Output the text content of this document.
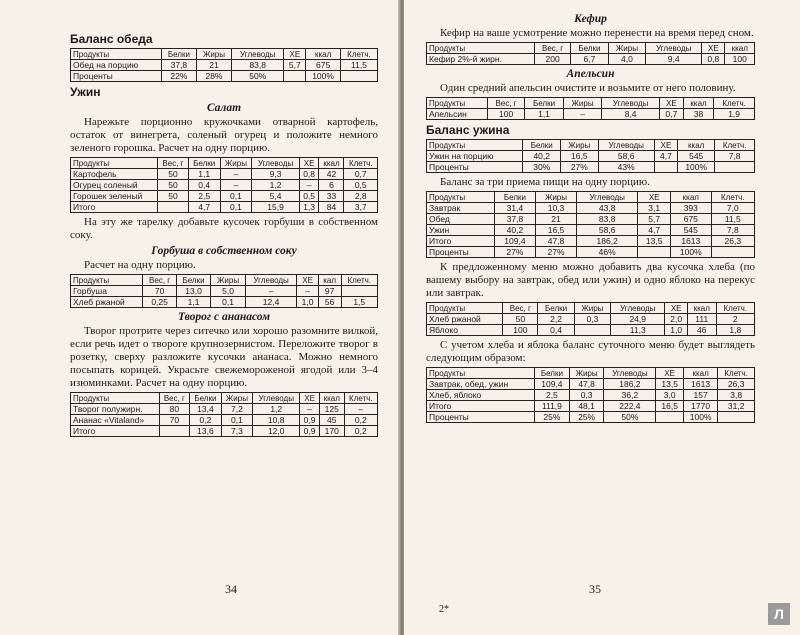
Баланс обеда
Продукты	Белки	Жиры	Углеводы	ХЕ	ккал	Клетч.
Обед на порцию	37,8	21	83,8	5,7	675	11,5
Проценты	22%	28%	50%		100%	
Ужин
Салат

Нарежьте порционно кружочками отварной картофель, остаток от винегрета, соленый огурец и положите немного зеленого горошка. Расчет на одну порцию.

Продукты	Вес, г	Белки	Жиры	Углеводы	ХЕ	ккал	Клетч.
Картофель	50	1,1	–	9,3	0,8	42	0,7
Огурец соленый	50	0,4	–	1,2	–	6	0,5
Горошек зеленый	50	2,5	0,1	5,4	0,5	33	2,8
Итого		4,7	0,1	15,9	1,3	84	3,7

На эту же тарелку добавьте кусочек горбуши в собственном соку.

Горбуша в собственном соку

Расчет на одну порцию.

Продукты	Вес, г	Белки	Жиры	Углеводы	ХЕ	кал	Клетч.
Горбуша	70	13,0	5,0	–	–	97	
Хлеб ржаной	0,25	1,1	0,1	12,4	1,0	56	1,5
Творог с ананасом

Творог протрите через ситечко или хорошо разомните вилкой, если речь идет о твороге крупнозернистом. Переложите творог в розетку, сверху разложите кусочки ананаса. Можно немного посыпать корицей. Украсьте свежемороженой ягодой или 3–4 изюминками. Расчет на одну порцию.

Продукты	Вес, г	Белки	Жиры	Углеводы	ХЕ	ккал	Клетч.
Творог полужирн.	80	13,4	7,2	1,2	–	125	–
Ананас «Vitaland»	70	0,2	0,1	10,8	0,9	45	0,2
Итого		13,6	7,3	12,0	0,9	170	0,2
34
Кефир

Кефир на ваше усмотрение можно перенести на время перед сном.

Продукты	Вес, г	Белки	Жиры	Углеводы	ХЕ	ккал
Кефир 2%-й жирн.	200	6,7	4,0	9,4	0,8	100
Апельсин

Один средний апельсин очистите и возьмите от него половину.

Продукты	Вес, г	Белки	Жиры	Углеводы	ХЕ	ккал	Клетч.
Апельсин	100	1,1	–	8,4	0,7	38	1,9
Баланс ужина
Продукты	Белки	Жиры	Углеводы	ХЕ	ккал	Клетч.
Ужин на порцию	40,2	16,5	58,6	4,7	545	7,8
Проценты	30%	27%	43%		100%	

Баланс за три приема пищи на одну порцию.

Продукты	Белки	Жиры	Углеводы	ХЕ	ккал	Клетч.
Завтрак	31,4	10,3	43,8	3,1	393	7,0
Обед	37,8	21	83,8	5,7	675	11,5
Ужин	40,2	16,5	58,6	4,7	545	7,8
Итого	109,4	47,8	186,2	13,5	1613	26,3
Проценты	27%	27%	46%		100%	

К предложенному меню можно добавить два кусочка хлеба (по вашему выбору на завтрак, обед или ужин) и одно яблоко на перекус или завтрак.

Продукты	Вес, г	Белки	Жиры	Углеводы	ХЕ	ккал	Клетч.
Хлеб ржаной	50	2,2	0,3	24,9	2,0	111	2
Яблоко	100	0,4		11,3	1,0	46	1,8

С учетом хлеба и яблока баланс суточного меню будет выглядеть следующим образом:

Продукты	Белки	Жиры	Углеводы	ХЕ	ккал	Клетч.
Завтрак, обед, ужин	109,4	47,8	186,2	13,5	1613	26,3
Хлеб, яблоко	2,5	0,3	36,2	3,0	157	3,8
Итого	111,9	48,1	222,4	16,5	1770	31,2
Проценты	25%	25%	50%		100%	
35
2*	Л
